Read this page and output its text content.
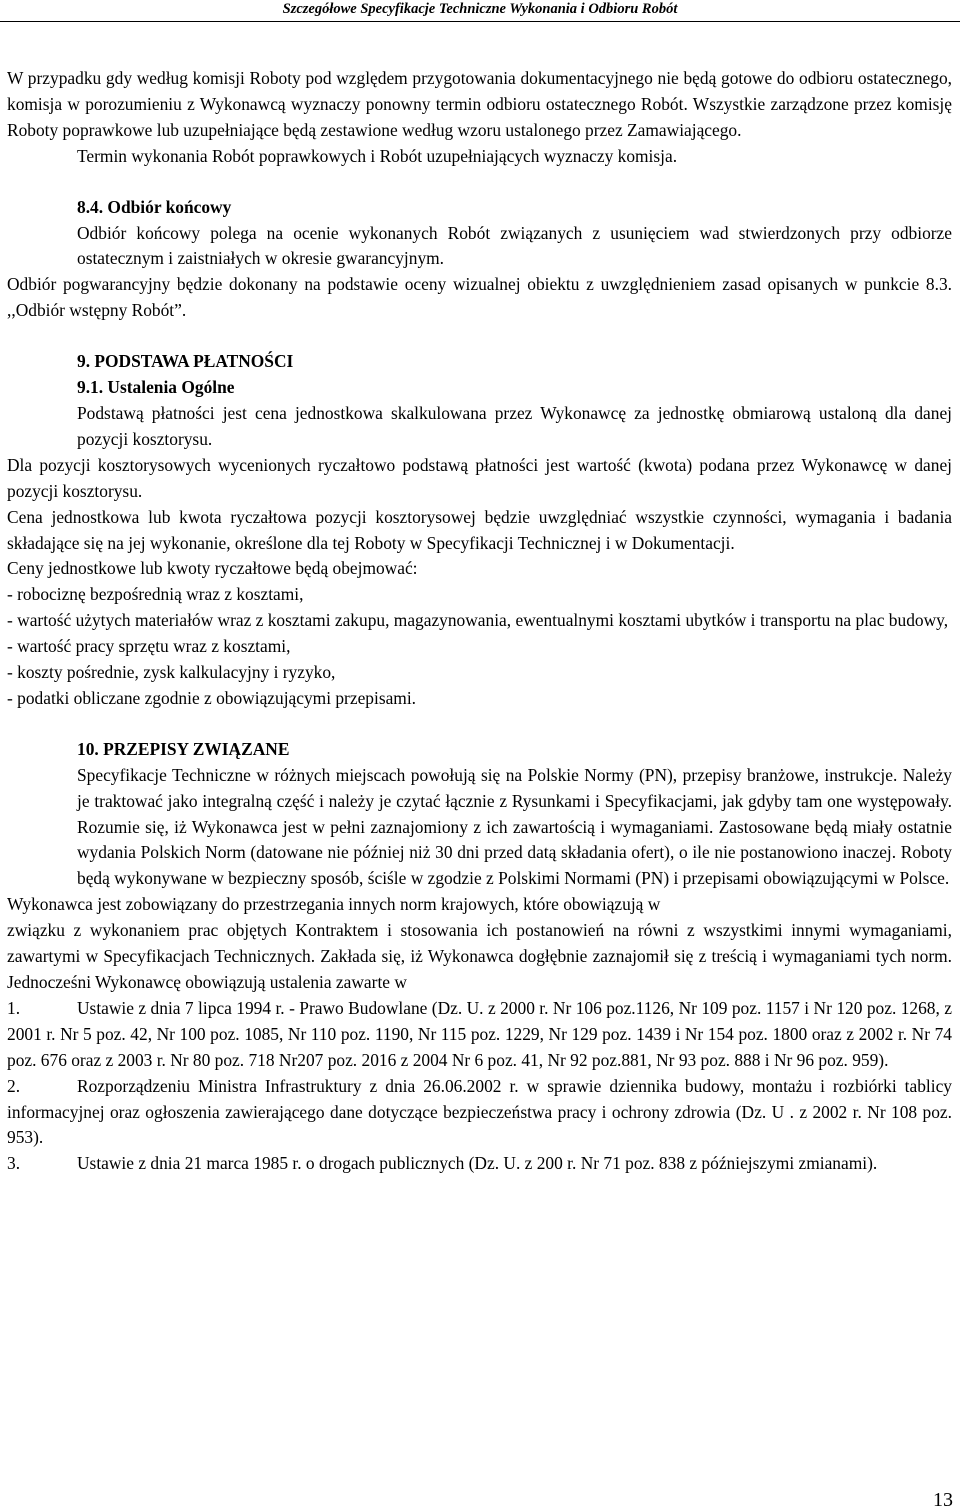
Szczegółowe Specyfikacje Techniczne Wykonania i Odbioru Robót

W przypadku gdy według komisji Roboty pod względem przygotowania dokumentacyjnego nie będą gotowe do odbioru ostatecznego, komisja w porozumieniu z Wykonawcą wyznaczy ponowny termin odbioru ostatecznego Robót. Wszystkie zarządzone przez komisję Roboty poprawkowe lub uzupełniające będą zestawione według wzoru ustalonego przez Zamawiającego.

Termin wykonania Robót poprawkowych i Robót uzupełniających wyznaczy komisja.

8.4. Odbiór końcowy

Odbiór końcowy polega na ocenie wykonanych Robót związanych z usunięciem wad stwierdzonych przy odbiorze ostatecznym i zaistniałych w okresie gwarancyjnym.

Odbiór pogwarancyjny będzie dokonany na podstawie oceny wizualnej obiektu z uwzględnieniem zasad opisanych w punkcie 8.3. ,,Odbiór wstępny Robót”.

9. PODSTAWA PŁATNOŚCI

9.1. Ustalenia Ogólne

Podstawą płatności jest cena jednostkowa skalkulowana przez Wykonawcę za jednostkę obmiarową ustaloną dla danej pozycji kosztorysu.

Dla pozycji kosztorysowych wycenionych ryczałtowo podstawą płatności jest wartość (kwota) podana przez Wykonawcę w danej pozycji kosztorysu.

Cena jednostkowa lub kwota ryczałtowa pozycji kosztorysowej będzie uwzględniać wszystkie czynności, wymagania i badania składające się na jej wykonanie, określone dla tej Roboty w Specyfikacji Technicznej i w Dokumentacji.

Ceny jednostkowe lub kwoty ryczałtowe będą obejmować:

- robociznę bezpośrednią wraz z kosztami,

- wartość użytych materiałów wraz z kosztami zakupu, magazynowania, ewentualnymi kosztami ubytków i transportu na plac budowy,

- wartość pracy sprzętu wraz z kosztami,

- koszty pośrednie, zysk kalkulacyjny i ryzyko,

- podatki obliczane zgodnie z obowiązującymi przepisami.

10. PRZEPISY ZWIĄZANE

Specyfikacje Techniczne w różnych miejscach powołują się na Polskie Normy (PN), przepisy branżowe, instrukcje. Należy je traktować jako integralną część i należy je czytać łącznie z Rysunkami i Specyfikacjami, jak gdyby tam one występowały. Rozumie się, iż Wykonawca jest w pełni zaznajomiony z ich zawartością i wymaganiami. Zastosowane będą miały ostatnie wydania Polskich Norm (datowane nie później niż 30 dni przed datą składania ofert), o ile nie postanowiono inaczej. Roboty będą wykonywane w bezpieczny sposób, ściśle w zgodzie z Polskimi Normami (PN) i przepisami obowiązującymi w Polsce.

Wykonawca jest zobowiązany do przestrzegania innych norm krajowych, które obowiązują w

związku z wykonaniem prac objętych Kontraktem i stosowania ich postanowień na równi z wszystkimi innymi wymaganiami, zawartymi w Specyfikacjach Technicznych. Zakłada się, iż Wykonawca dogłębnie zaznajomił się z treścią i wymaganiami tych norm. Jednocześni Wykonawcę obowiązują ustalenia zawarte w

1.	Ustawie z dnia 7 lipca 1994 r. - Prawo Budowlane (Dz. U. z 2000 r. Nr 106 poz.1126, Nr 109 poz. 1157 i Nr 120 poz. 1268, z 2001 r. Nr 5 poz. 42, Nr 100 poz. 1085, Nr 110 poz. 1190, Nr 115 poz. 1229, Nr 129 poz. 1439 i Nr 154 poz. 1800 oraz z 2002 r. Nr 74 poz. 676 oraz z 2003 r. Nr 80 poz. 718 Nr207 poz. 2016 z 2004 Nr 6 poz. 41, Nr 92 poz.881, Nr 93 poz. 888 i Nr 96 poz. 959).

2.	Rozporządzeniu Ministra Infrastruktury z dnia 26.06.2002 r. w sprawie dziennika budowy, montażu i rozbiórki tablicy informacyjnej oraz ogłoszenia zawierającego dane dotyczące bezpieczeństwa pracy i ochrony zdrowia (Dz. U . z 2002 r. Nr 108 poz. 953).

3.	Ustawie z dnia 21 marca 1985 r. o drogach publicznych (Dz. U. z 200 r. Nr 71 poz. 838 z późniejszymi zmianami).

13
